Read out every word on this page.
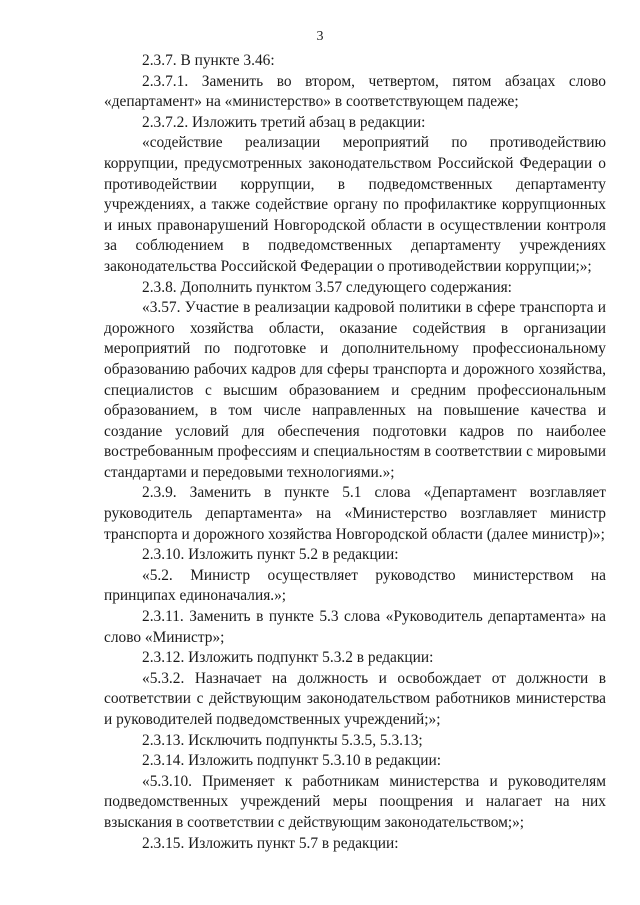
3

2.3.7. В пункте 3.46:

2.3.7.1. Заменить во втором, четвертом, пятом абзацах слово «департамент» на «министерство» в соответствующем падеже;

2.3.7.2. Изложить третий абзац в редакции:

«содействие реализации мероприятий по противодействию коррупции, предусмотренных законодательством Российской Федерации о противодействии коррупции, в подведомственных департаменту учреждениях, а также содействие органу по профилактике коррупционных и иных правонарушений Новгородской области в осуществлении контроля за соблюдением в подведомственных департаменту учреждениях законодательства Российской Федерации о противодействии коррупции;»;

2.3.8. Дополнить пунктом 3.57 следующего содержания:

«3.57. Участие в реализации кадровой политики в сфере транспорта и дорожного хозяйства области, оказание содействия в организации мероприятий по подготовке и дополнительному профессиональному образованию рабочих кадров для сферы транспорта и дорожного хозяйства, специалистов с высшим образованием и средним профессиональным образованием, в том числе направленных на повышение качества и создание условий для обеспечения подготовки кадров по наиболее востребованным профессиям и специальностям в соответствии с мировыми стандартами и передовыми технологиями.»;

2.3.9. Заменить в пункте 5.1 слова «Департамент возглавляет руководитель департамента» на «Министерство возглавляет министр транспорта и дорожного хозяйства Новгородской области (далее министр)»;

2.3.10. Изложить пункт 5.2 в редакции:

«5.2. Министр осуществляет руководство министерством на принципах единоначалия.»;

2.3.11. Заменить в пункте 5.3 слова «Руководитель департамента» на слово «Министр»;

2.3.12. Изложить подпункт 5.3.2 в редакции:

«5.3.2. Назначает на должность и освобождает от должности в соответствии с действующим законодательством работников министерства и руководителей подведомственных учреждений;»;

2.3.13. Исключить подпункты 5.3.5, 5.3.13;

2.3.14. Изложить подпункт 5.3.10 в редакции:

«5.3.10. Применяет к работникам министерства и руководителям подведомственных учреждений меры поощрения и налагает на них взыскания в соответствии с действующим законодательством;»;

2.3.15. Изложить пункт 5.7 в редакции:
